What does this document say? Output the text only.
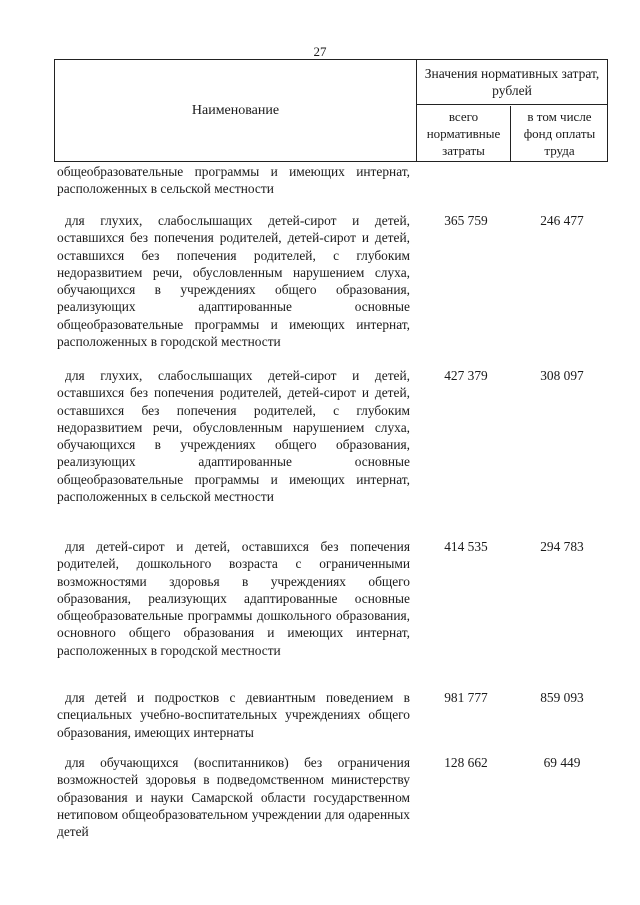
27
Наименование
Значения нормативных затрат, рублей
всего нормативные затраты
в том числе фонд оплаты труда
общеобразовательные программы и имеющих интернат, расположенных в сельской местности
для глухих, слабослышащих детей-сирот и детей, оставшихся без попечения родителей, детей-сирот и детей, оставшихся без попечения родителей, с глубоким недоразвитием речи, обусловленным нарушением слуха, обучающихся в учреждениях общего образования, реализующих адаптированные основные общеобразовательные программы и имеющих интернат, расположенных в городской местности
365 759	246 477
для глухих, слабослышащих детей-сирот и детей, оставшихся без попечения родителей, детей-сирот и детей, оставшихся без попечения родителей, с глубоким недоразвитием речи, обусловленным нарушением слуха, обучающихся в учреждениях общего образования, реализующих адаптированные основные общеобразовательные программы и имеющих интернат, расположенных в сельской местности
427 379	308 097
для детей-сирот и детей, оставшихся без попечения родителей, дошкольного возраста с ограниченными возможностями здоровья в учреждениях общего образования, реализующих адаптированные основные общеобразовательные программы дошкольного образования, основного общего образования и имеющих интернат, расположенных в городской местности
414 535	294 783
для детей и подростков с девиантным поведением в специальных учебно-воспитательных учреждениях общего образования, имеющих интернаты
981 777	859 093
для обучающихся (воспитанников) без ограничения возможностей здоровья в подведомственном министерству образования и науки Самарской области государственном нетиповом общеобразовательном учреждении для одаренных детей
128 662	69 449
